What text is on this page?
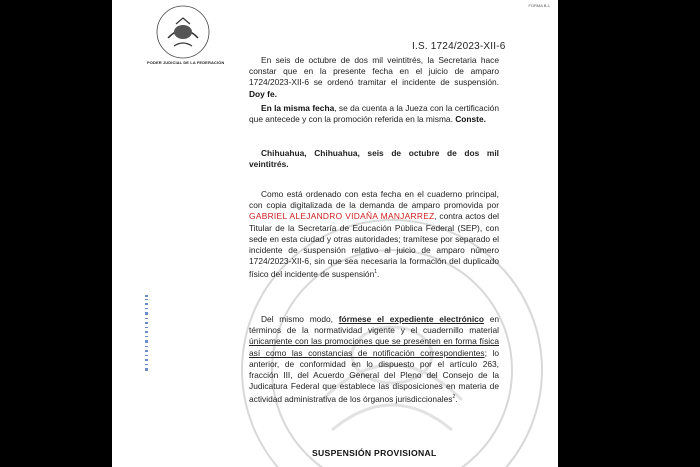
PODER JUDICIAL DE LA FEDERACIÓN
FORMA B-1
I.S. 1724/2023-XII-6
En seis de octubre de dos mil veintitrés, la Secretaria hace constar que en la presente fecha en el juicio de amparo 1724/2023-XII-6 se ordenó tramitar el incidente de suspensión. Doy fe.
En la misma fecha, se da cuenta a la Jueza con la certificación que antecede y con la promoción referida en la misma. Conste.
Chihuahua, Chihuahua, seis de octubre de dos mil veintitrés.
Como está ordenado con esta fecha en el cuaderno principal, con copia digitalizada de la demanda de amparo promovida por GABRIEL ALEJANDRO VIDAÑA MANJARREZ, contra actos del Titular de la Secretaría de Educación Pública Federal (SEP), con sede en esta ciudad y otras autoridades; tramítese por separado el incidente de suspensión relativo al juicio de amparo número 1724/2023-XII-6, sin que sea necesaria la formación del duplicado físico del incidente de suspensión$^1$.
Del mismo modo, fórmese el expediente electrónico en términos de la normatividad vigente y el cuadernillo material únicamente con las promociones que se presenten en forma física así como las constancias de notificación correspondientes; lo anterior, de conformidad en lo dispuesto por el artículo 263, fracción III, del Acuerdo General del Pleno del Consejo de la Judicatura Federal que establece las disposiciones en materia de actividad administrativa de los órganos jurisdiccionales$^2$.
SUSPENSIÓN PROVISIONAL
